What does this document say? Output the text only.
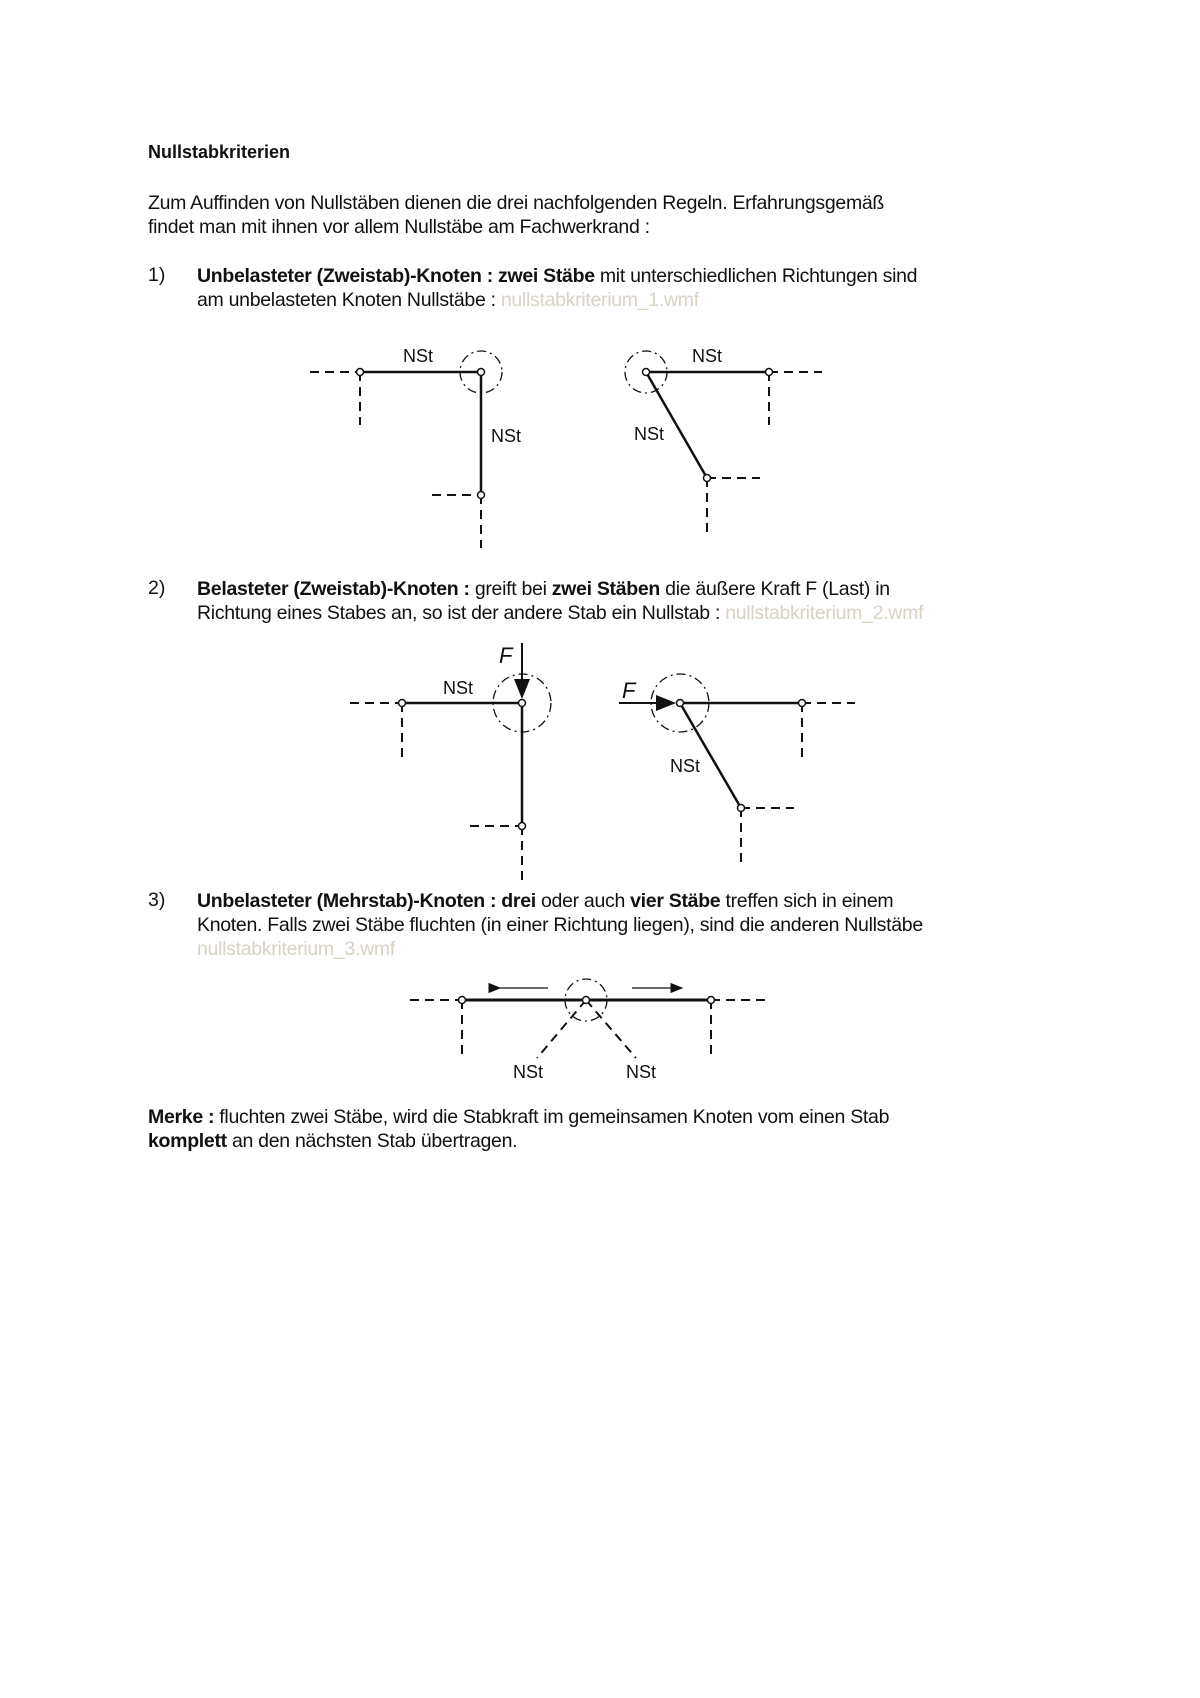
Nullstabkriterien
Zum Auffinden von Nullstäben dienen die drei nachfolgenden Regeln. Erfahrungsgemäß
findet man mit ihnen vor allem Nullstäbe am Fachwerkrand :
1) Unbelasteter (Zweistab)-Knoten : zwei Stäbe mit unterschiedlichen Richtungen sind
am unbelasteten Knoten Nullstäbe : nullstabkriterium_1.wmf
2) Belasteter (Zweistab)-Knoten : greift bei zwei Stäben die äußere Kraft F (Last) in
Richtung eines Stabes an, so ist der andere Stab ein Nullstab : nullstabkriterium_2.wmf
3) Unbelasteter (Mehrstab)-Knoten : drei oder auch vier Stäbe treffen sich in einem
Knoten. Falls zwei Stäbe fluchten (in einer Richtung liegen), sind die anderen Nullstäbe
nullstabkriterium_3.wmf
Merke : fluchten zwei Stäbe, wird die Stabkraft im gemeinsamen Knoten vom einen Stab
komplett an den nächsten Stab übertragen.
NSt
NSt
NSt
NSt
F
NSt	F
NSt
NSt	NSt
